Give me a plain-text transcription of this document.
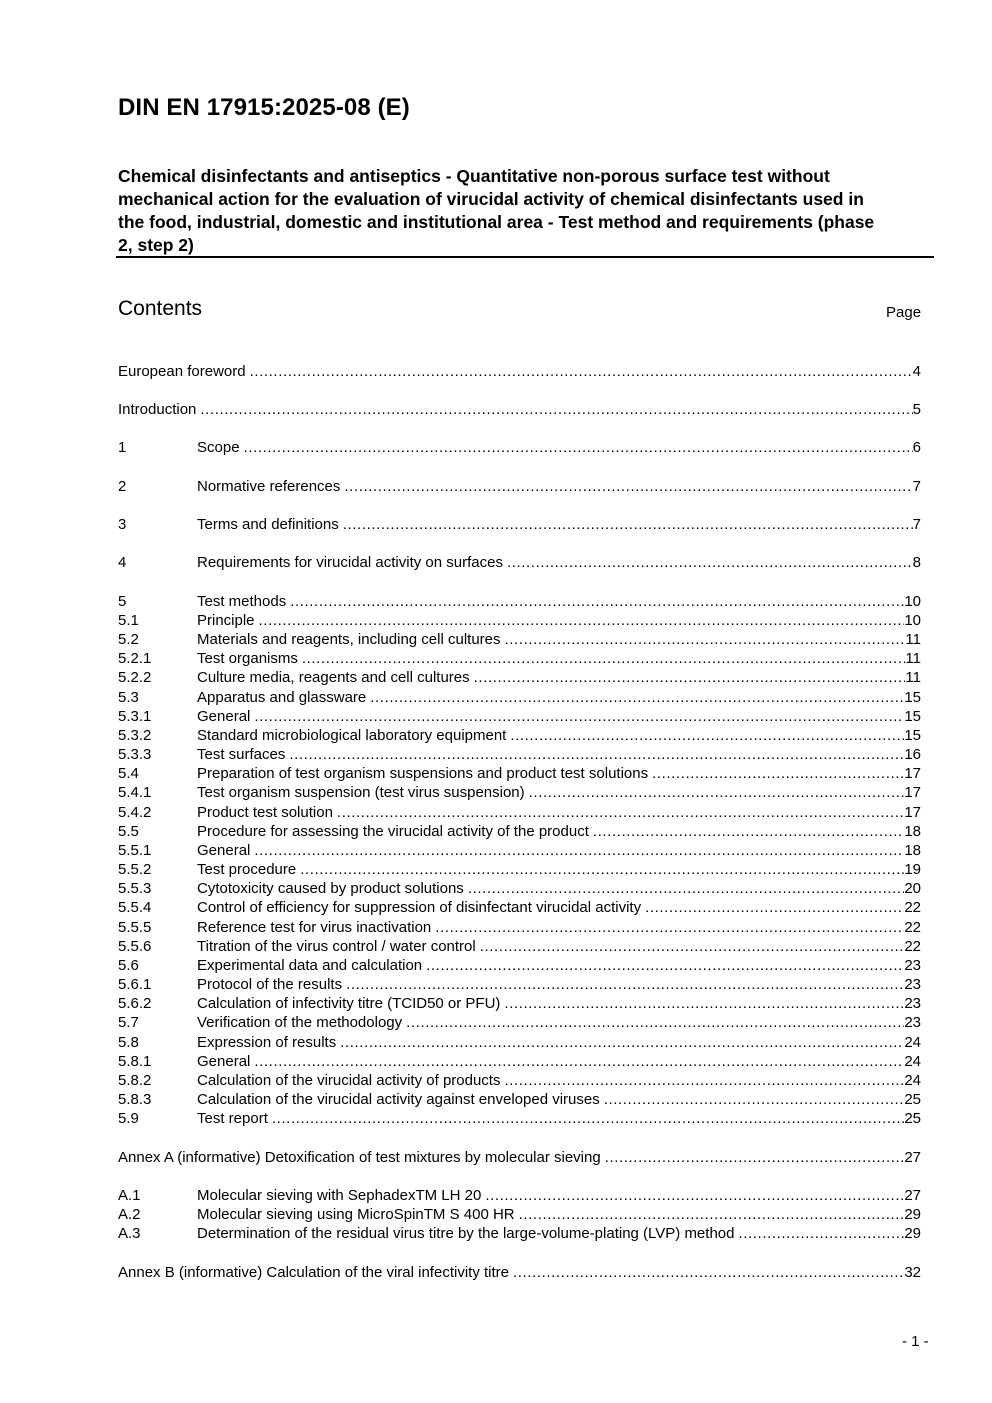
DIN EN 17915:2025-08 (E)
Chemical disinfectants and antiseptics - Quantitative non-porous surface test without mechanical action for the evaluation of virucidal activity of chemical disinfectants used in the food, industrial, domestic and institutional area - Test method and requirements (phase 2, step 2)
Contents	Page
European foreword .....	4
Introduction .....	5
1	Scope .....	6
2	Normative references .....	7
3	Terms and definitions .....	7
4	Requirements for virucidal activity on surfaces .....	8
5	Test methods .....	10
5.1	Principle .....	10
5.2	Materials and reagents, including cell cultures .....	11
5.2.1	Test organisms .....	11
5.2.2	Culture media, reagents and cell cultures .....	11
5.3	Apparatus and glassware .....	15
5.3.1	General .....	15
5.3.2	Standard microbiological laboratory equipment .....	15
5.3.3	Test surfaces .....	16
5.4	Preparation of test organism suspensions and product test solutions .....	17
5.4.1	Test organism suspension (test virus suspension) .....	17
5.4.2	Product test solution .....	17
5.5	Procedure for assessing the virucidal activity of the product .....	18
5.5.1	General .....	18
5.5.2	Test procedure .....	19
5.5.3	Cytotoxicity caused by product solutions .....	20
5.5.4	Control of efficiency for suppression of disinfectant virucidal activity .....	22
5.5.5	Reference test for virus inactivation .....	22
5.5.6	Titration of the virus control / water control .....	22
5.6	Experimental data and calculation .....	23
5.6.1	Protocol of the results .....	23
5.6.2	Calculation of infectivity titre (TCID50 or PFU) .....	23
5.7	Verification of the methodology .....	23
5.8	Expression of results .....	24
5.8.1	General .....	24
5.8.2	Calculation of the virucidal activity of products .....	24
5.8.3	Calculation of the virucidal activity against enveloped viruses .....	25
5.9	Test report .....	25
Annex A (informative) Detoxification of test mixtures by molecular sieving .....	27
A.1	Molecular sieving with SephadexTM LH 20 .....	27
A.2	Molecular sieving using MicroSpinTM S 400 HR .....	29
A.3	Determination of the residual virus titre by the large-volume-plating (LVP) method .....	29
Annex B (informative) Calculation of the viral infectivity titre .....	32
- 1 -
